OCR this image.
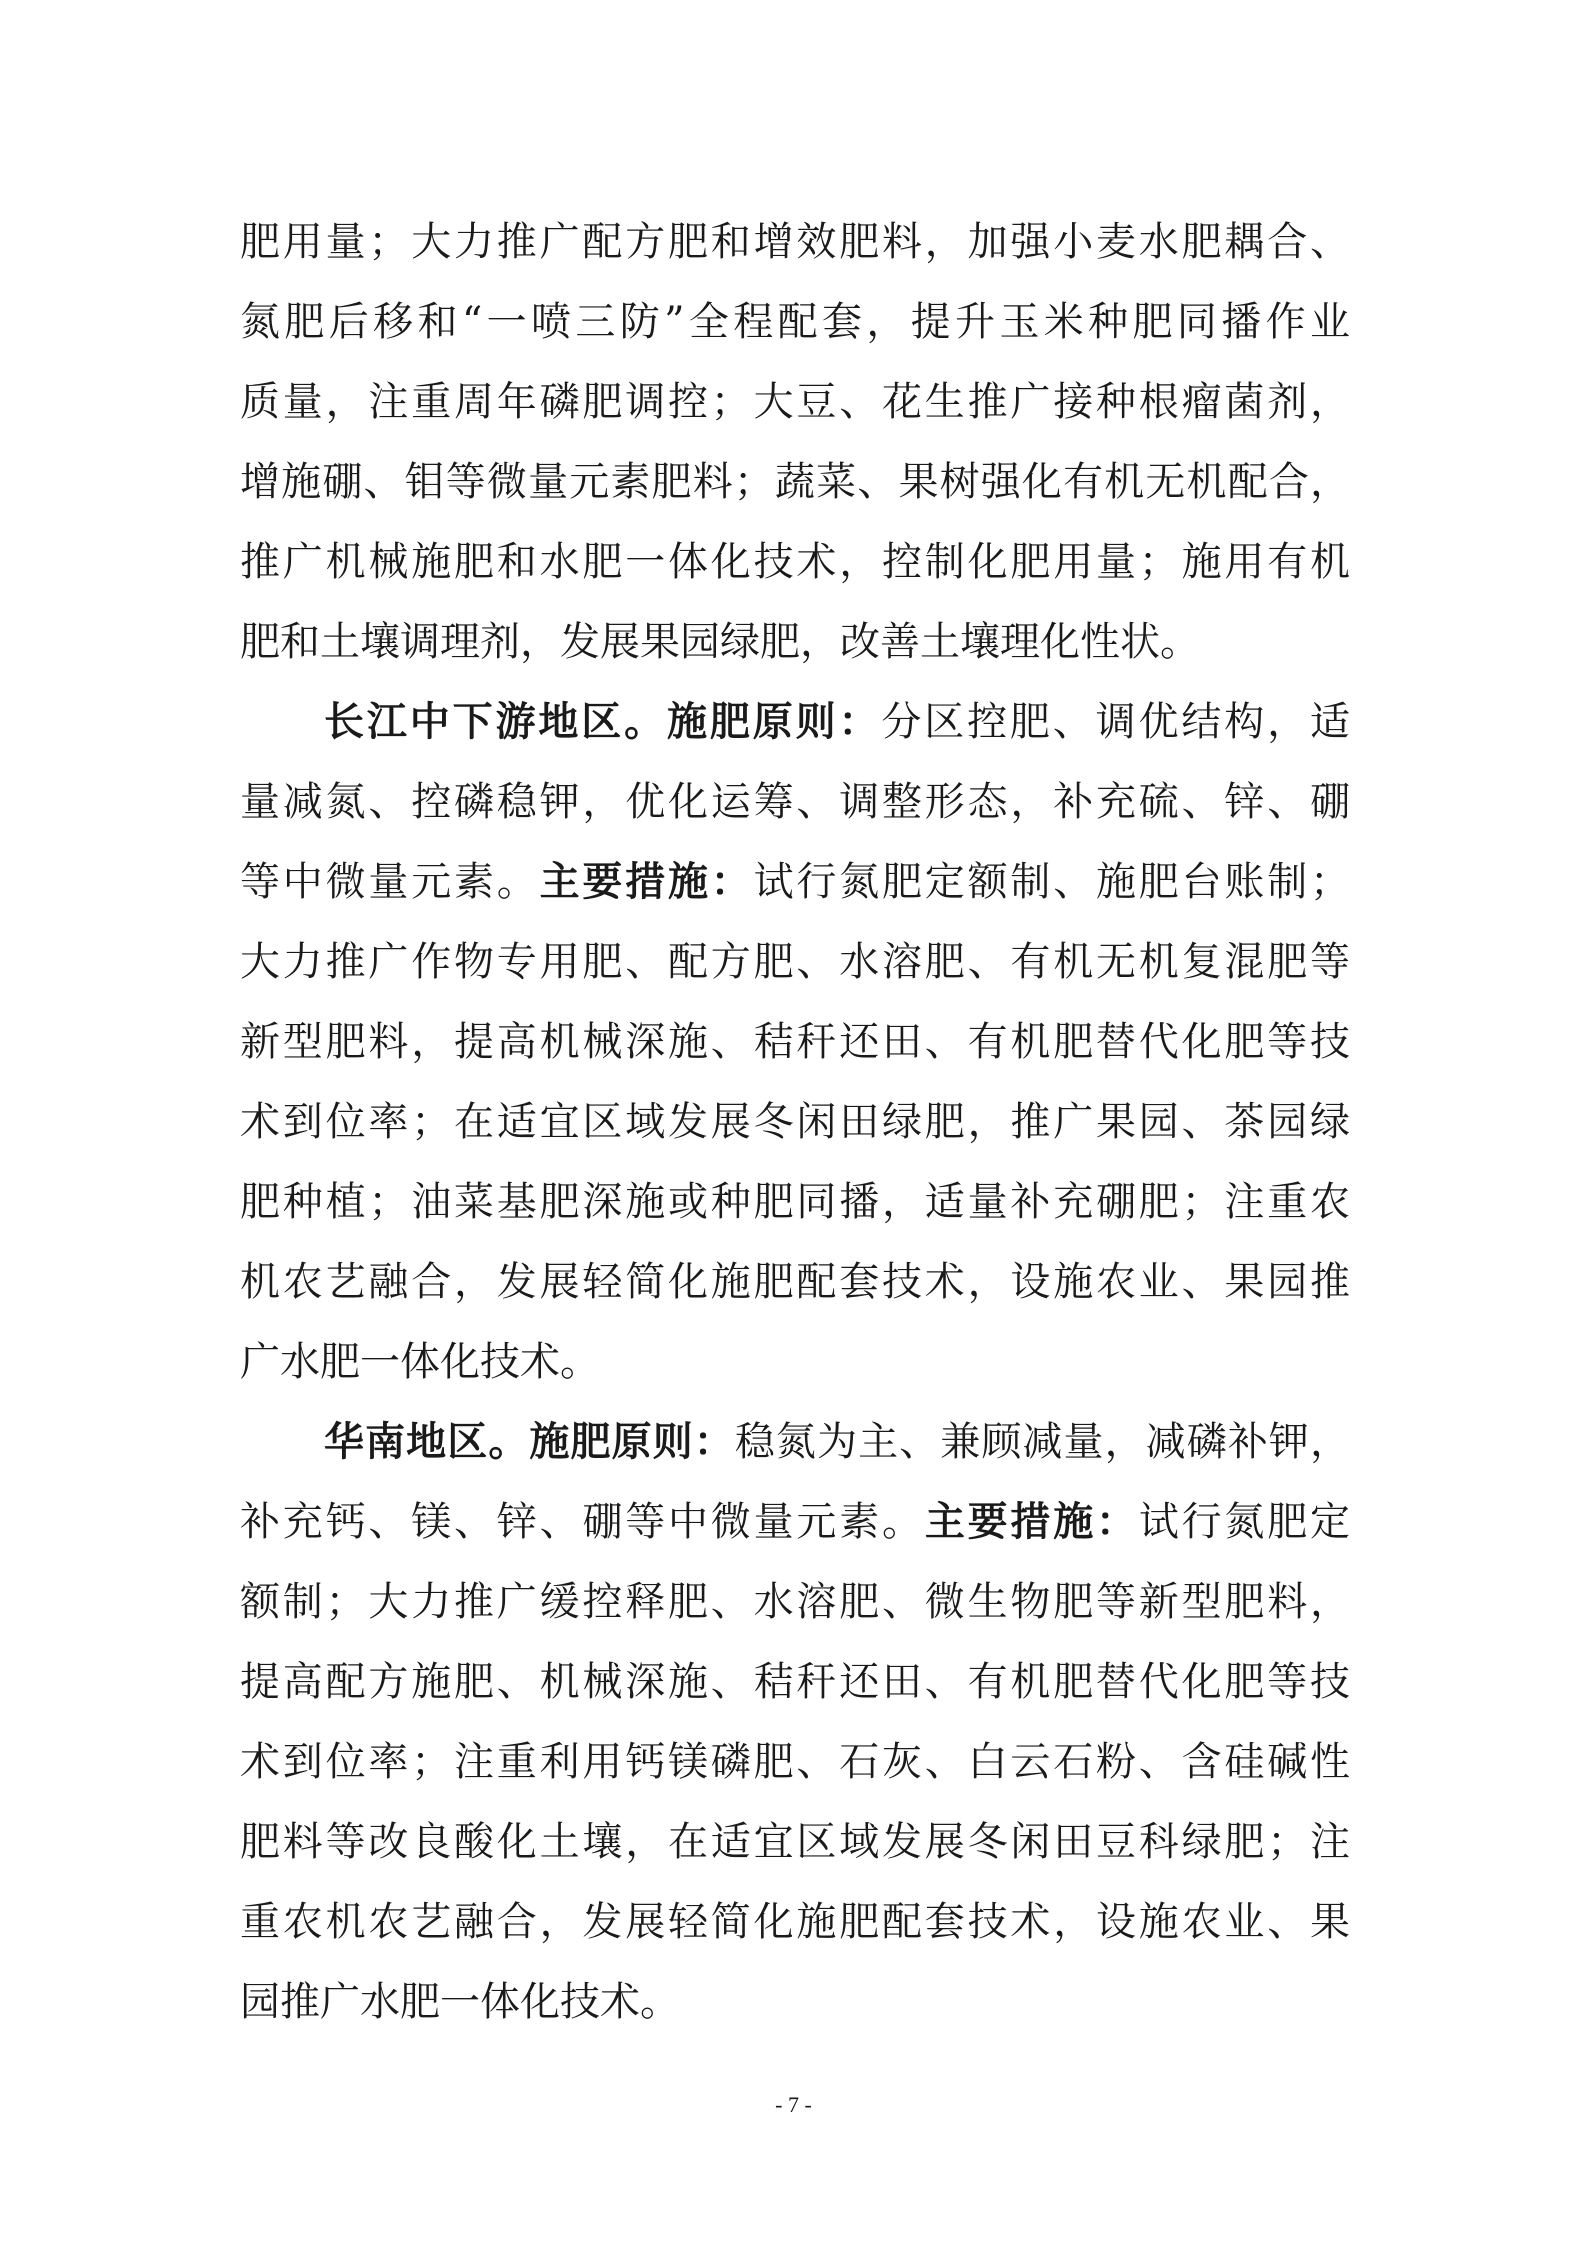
肥用量；大力推广配方肥和增效肥料，加强小麦水肥耦合、
氮肥后移和“一喷三防”全程配套，提升玉米种肥同播作业
质量，注重周年磷肥调控；大豆、花生推广接种根瘤菌剂，
增施硼、钼等微量元素肥料；蔬菜、果树强化有机无机配合，
推广机械施肥和水肥一体化技术，控制化肥用量；施用有机
肥和土壤调理剂，发展果园绿肥，改善土壤理化性状。
长江中下游地区。施肥原则：分区控肥、调优结构，适
量减氮、控磷稳钾，优化运筹、调整形态，补充硫、锌、硼
等中微量元素。主要措施：试行氮肥定额制、施肥台账制；
大力推广作物专用肥、配方肥、水溶肥、有机无机复混肥等
新型肥料，提高机械深施、秸秆还田、有机肥替代化肥等技
术到位率；在适宜区域发展冬闲田绿肥，推广果园、茶园绿
肥种植；油菜基肥深施或种肥同播，适量补充硼肥；注重农
机农艺融合，发展轻简化施肥配套技术，设施农业、果园推
广水肥一体化技术。
华南地区。施肥原则：稳氮为主、兼顾减量，减磷补钾，
补充钙、镁、锌、硼等中微量元素。主要措施：试行氮肥定
额制；大力推广缓控释肥、水溶肥、微生物肥等新型肥料，
提高配方施肥、机械深施、秸秆还田、有机肥替代化肥等技
术到位率；注重利用钙镁磷肥、石灰、白云石粉、含硅碱性
肥料等改良酸化土壤，在适宜区域发展冬闲田豆科绿肥；注
重农机农艺融合，发展轻简化施肥配套技术，设施农业、果
园推广水肥一体化技术。
- 7 -
